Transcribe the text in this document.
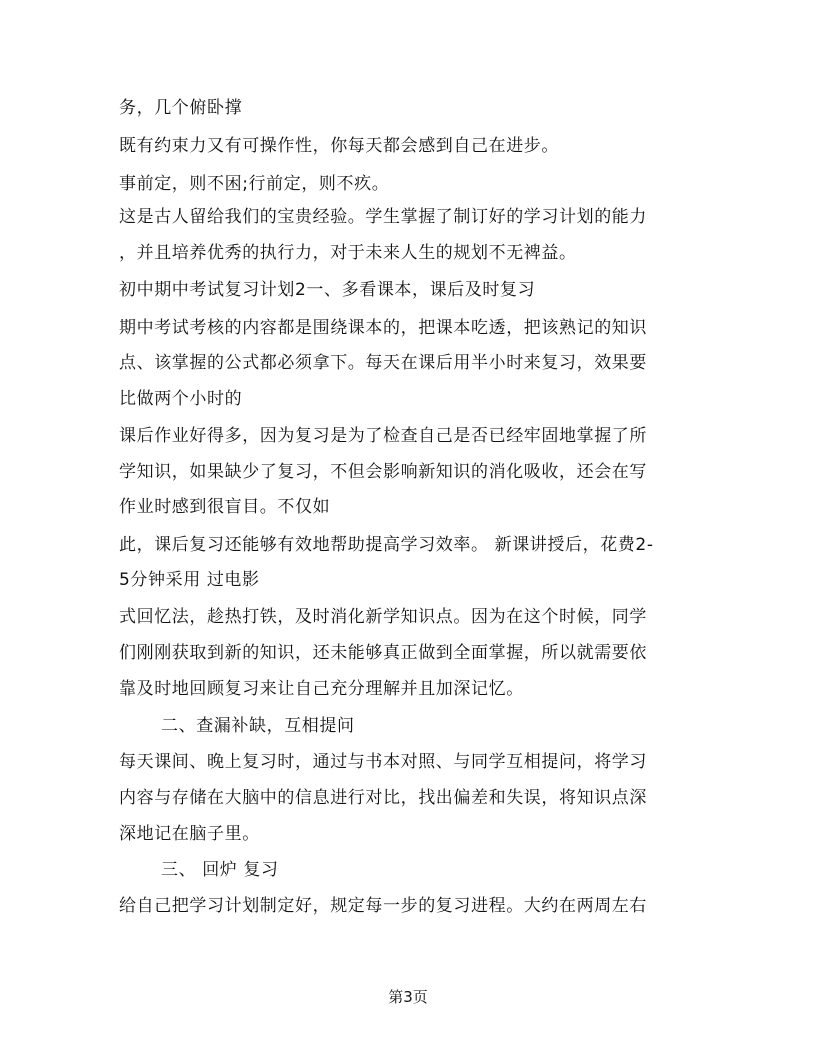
务，几个俯卧撑
既有约束力又有可操作性，你每天都会感到自己在进步。
事前定，则不困;行前定，则不疚。
这是古人留给我们的宝贵经验。学生掌握了制订好的学习计划的能力
，并且培养优秀的执行力，对于未来人生的规划不无裨益。
初中期中考试复习计划2一、多看课本，课后及时复习
期中考试考核的内容都是围绕课本的，把课本吃透，把该熟记的知识
点、该掌握的公式都必须拿下。每天在课后用半小时来复习，效果要
比做两个小时的
课后作业好得多，因为复习是为了检查自己是否已经牢固地掌握了所
学知识，如果缺少了复习，不但会影响新知识的消化吸收，还会在写
作业时感到很盲目。不仅如
此，课后复习还能够有效地帮助提高学习效率。 新课讲授后，花费2-
5分钟采用 过电影
式回忆法，趁热打铁，及时消化新学知识点。因为在这个时候，同学
们刚刚获取到新的知识，还未能够真正做到全面掌握，所以就需要依
靠及时地回顾复习来让自己充分理解并且加深记忆。
二、查漏补缺，互相提问
每天课间、晚上复习时，通过与书本对照、与同学互相提问，将学习
内容与存储在大脑中的信息进行对比，找出偏差和失误，将知识点深
深地记在脑子里。
三、 回炉 复习
给自己把学习计划制定好，规定每一步的复习进程。大约在两周左右
第3页
